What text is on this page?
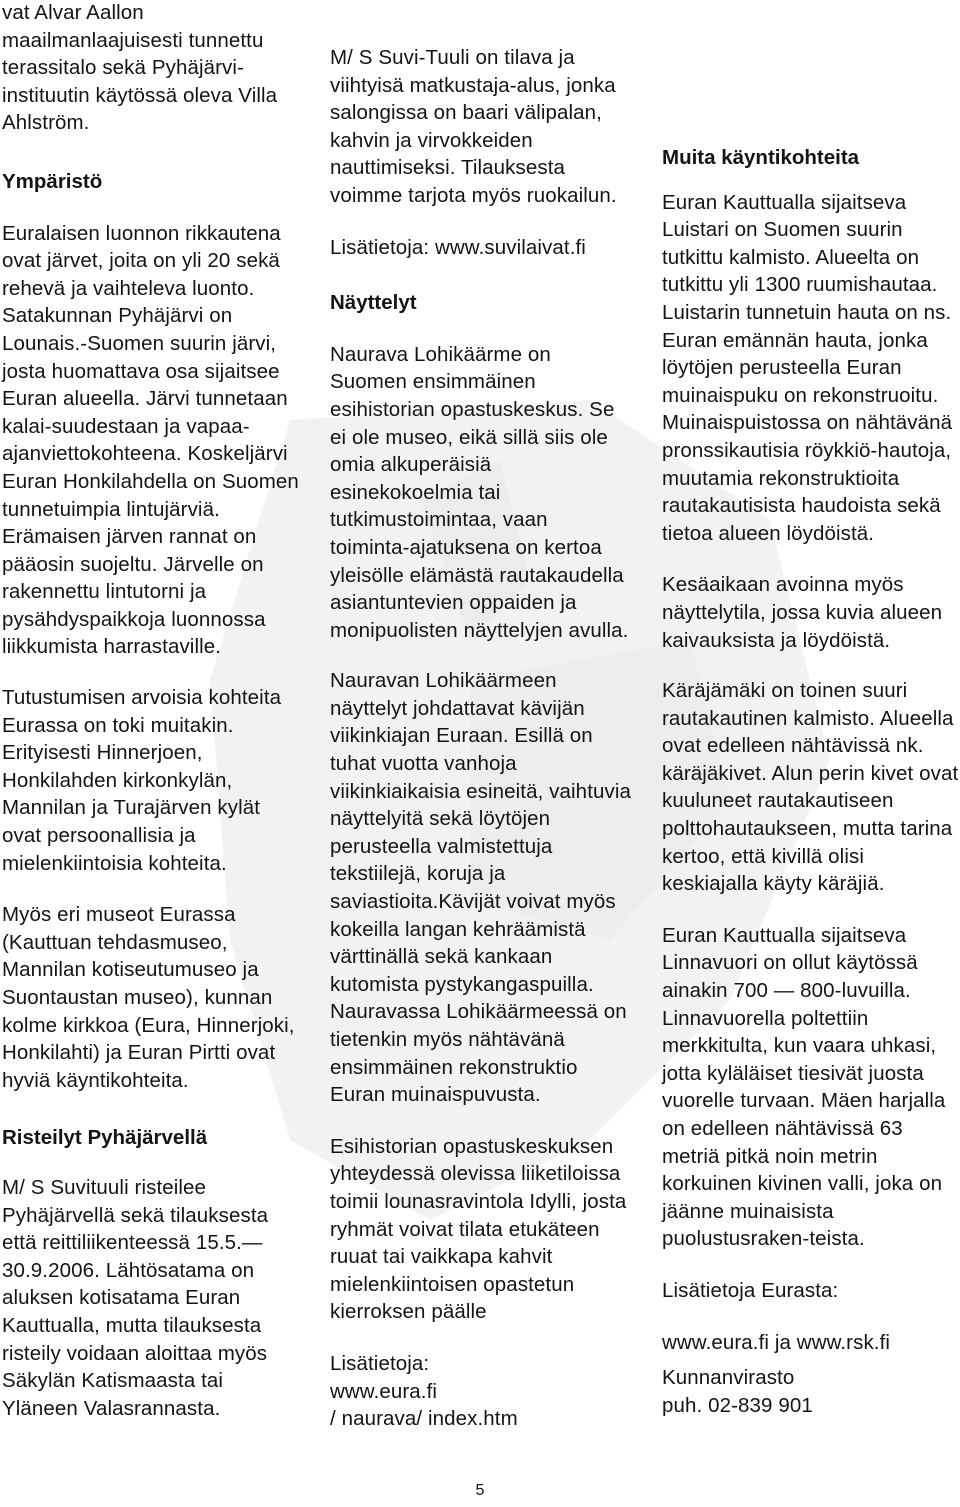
vat Alvar Aallon maailmanlaajuisesti tunnettu terassitalo sekä Pyhäjärvi-instituutin käytössä oleva Villa Ahlström.

Ympäristö

Euralaisen luonnon rikkautena ovat järvet, joita on yli 20 sekä rehevä ja vaihteleva luonto. Satakunnan Pyhäjärvi on Lounais.-Suomen suurin järvi, josta huomattava osa sijaitsee Euran alueella. Järvi tunnetaan kalai-suudestaan ja vapaa-ajanviettokohteena. Koskeljärvi Euran Honkilahdella on Suomen tunnetuimpia lintujärviä. Erämaisen järven rannat on pääosin suojeltu. Järvelle on rakennettu lintutorni ja pysähdyspaikkoja luonnossa liikkumista harrastaville.

Tutustumisen arvoisia kohteita Eurassa on toki muitakin. Erityisesti Hinnerjoen, Honkilahden kirkonkylän, Mannilan ja Turajärven kylät ovat persoonallisia ja mielenkiintoisia kohteita.

Myös eri museot Eurassa (Kauttuan tehdasmuseo, Mannilan kotiseutumuseo ja Suontaustan museo), kunnan kolme kirkkoa (Eura, Hinnerjoki, Honkilahti) ja Euran Pirtti ovat hyviä käyntikohteita.

Risteilyt Pyhäjärvellä

M/ S Suvituuli risteilee Pyhäjärvellä sekä tilauksesta että reittiliikenteessä 15.5.— 30.9.2006. Lähtösatama on aluksen kotisatama Euran Kauttualla, mutta tilauksesta risteily voidaan aloittaa myös Säkylän Katismaasta tai Yläneen Valasrannasta.

M/ S Suvi-Tuuli on tilava ja viihtyisä matkustaja-alus, jonka salongissa on baari välipalan, kahvin ja virvokkeiden nauttimiseksi. Tilauksesta voimme tarjota myös ruokailun.

Lisätietoja: www.suvilaivat.fi

Näyttelyt

Naurava Lohikäärme on Suomen ensimmäinen esihistorian opastuskeskus. Se ei ole museo, eikä sillä siis ole omia alkuperäisiä esinekokoelmia tai tutkimustoimintaa, vaan toiminta-ajatuksena on kertoa yleisölle elämästä rautakaudella asiantuntevien oppaiden ja monipuolisten näyttelyjen avulla.

Nauravan Lohikäärmeen näyttelyt johdattavat kävijän viikinkiajan Euraan. Esillä on tuhat vuotta vanhoja viikinkiaikaisia esineitä, vaihtuvia näyttelyitä sekä löytöjen perusteella valmistettuja tekstiilejä, koruja ja saviastioita.Kävijät voivat myös kokeilla langan kehräämistä värttinällä sekä kankaan kutomista pystykangaspuilla. Nauravassa Lohikäärmeessä on tietenkin myös nähtävänä ensimmäinen rekonstruktio Euran muinaispuvusta.

Esihistorian opastuskeskuksen yhteydessä olevissa liiketiloissa toimii lounasravintola Idylli, josta ryhmät voivat tilata etukäteen ruuat tai vaikkapa kahvit mielenkiintoisen opastetun kierroksen päälle

Lisätietoja:

www.eura.fi

/ naurava/ index.htm

Muita käyntikohteita

Euran Kauttualla sijaitseva Luistari on Suomen suurin tutkittu kalmisto. Alueelta on tutkittu yli 1300 ruumishautaa. Luistarin tunnetuin hauta on ns. Euran emännän hauta, jonka löytöjen perusteella Euran muinaispuku on rekonstruoitu. Muinaispuistossa on nähtävänä pronssikautisia röykkiö-hautoja, muutamia rekonstruktioita rautakautisista haudoista sekä tietoa alueen löydöistä.

Kesäaikaan avoinna myös näyttelytila, jossa kuvia alueen kaivauksista ja löydöistä.

Käräjämäki on toinen suuri rautakautinen kalmisto. Alueella ovat edelleen nähtävissä nk. käräjäkivet. Alun perin kivet ovat kuuluneet rautakautiseen polttohautaukseen, mutta tarina kertoo, että kivillä olisi keskiajalla käyty käräjiä.

Euran Kauttualla sijaitseva Linnavuori on ollut käytössä ainakin 700 — 800-luvuilla. Linnavuorella poltettiin merkkitulta, kun vaara uhkasi, jotta kyläläiset tiesivät juosta vuorelle turvaan. Mäen harjalla on edelleen nähtävissä 63 metriä pitkä noin metrin korkuinen kivinen valli, joka on jäänne muinaisista puolustusraken-teista.

Lisätietoja Eurasta:

www.eura.fi ja www.rsk.fi

Kunnanvirasto

puh. 02-839 901

5
